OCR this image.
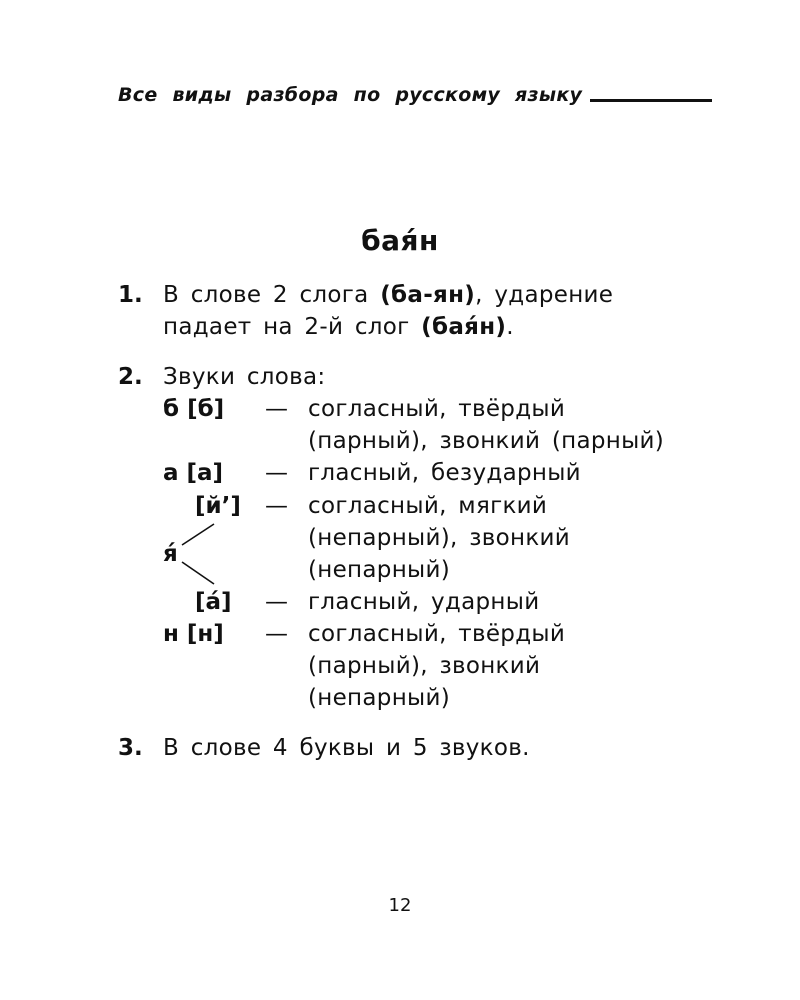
Все виды разбора по русскому языку
бая́н
1. В слове 2 слога (ба-ян), ударение
падает на 2-й слог (бая́н).
2. Звуки слова:
б [б] — согласный, твёрдый
(парный), звонкий (парный)
а [а] — гласный, безударный
[й’] — согласный, мягкий
(непарный), звонкий
(непарный)
я́
[а́] — гласный, ударный
н [н] — согласный, твёрдый
(парный), звонкий
(непарный)
3. В слове 4 буквы и 5 звуков.
12
